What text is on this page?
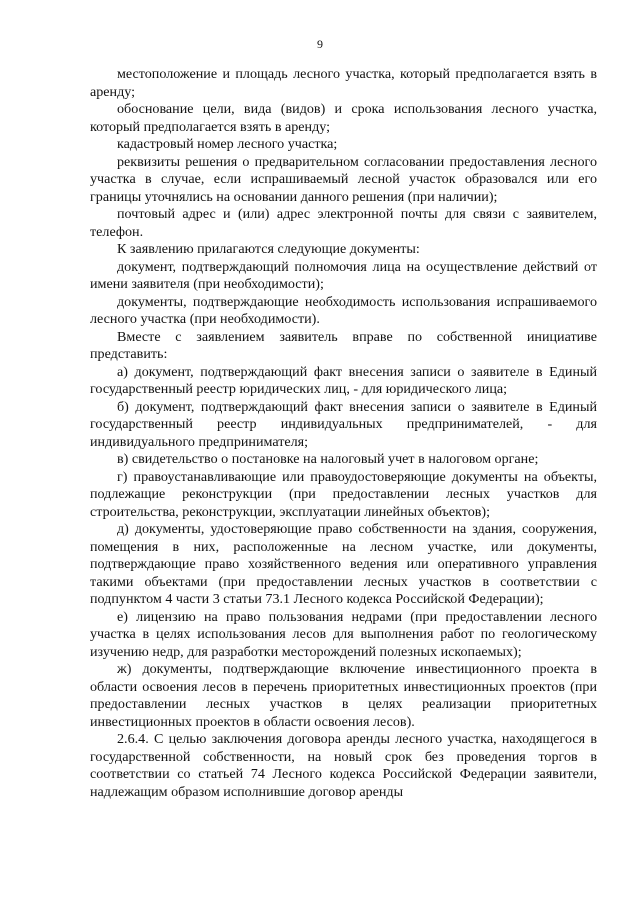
9

местоположение и площадь лесного участка, который предполагается взять в аренду;

обоснование цели, вида (видов) и срока использования лесного участка, который предполагается взять в аренду;

кадастровый номер лесного участка;

реквизиты решения о предварительном согласовании предоставления лесного участка в случае, если испрашиваемый лесной участок образовался или его границы уточнялись на основании данного решения (при наличии);

почтовый адрес и (или) адрес электронной почты для связи с заявителем, телефон.

К заявлению прилагаются следующие документы:

документ, подтверждающий полномочия лица на осуществление действий от имени заявителя (при необходимости);

документы, подтверждающие необходимость использования испрашиваемого лесного участка (при необходимости).

Вместе с заявлением заявитель вправе по собственной инициативе представить:

а) документ, подтверждающий факт внесения записи о заявителе в Единый государственный реестр юридических лиц, - для юридического лица;

б) документ, подтверждающий факт внесения записи о заявителе в Единый государственный реестр индивидуальных предпринимателей, - для индивидуального предпринимателя;

в) свидетельство о постановке на налоговый учет в налоговом органе;

г) правоустанавливающие или правоудостоверяющие документы на объекты, подлежащие реконструкции (при предоставлении лесных участков для строительства, реконструкции, эксплуатации линейных объектов);

д) документы, удостоверяющие право собственности на здания, сооружения, помещения в них, расположенные на лесном участке, или документы, подтверждающие право хозяйственного ведения или оперативного управления такими объектами (при предоставлении лесных участков в соответствии с подпунктом 4 части 3 статьи 73.1 Лесного кодекса Российской Федерации);

е) лицензию на право пользования недрами (при предоставлении лесного участка в целях использования лесов для выполнения работ по геологическому изучению недр, для разработки месторождений полезных ископаемых);

ж) документы, подтверждающие включение инвестиционного проекта в области освоения лесов в перечень приоритетных инвестиционных проектов (при предоставлении лесных участков в целях реализации приоритетных инвестиционных проектов в области освоения лесов).

2.6.4. С целью заключения договора аренды лесного участка, находящегося в государственной собственности, на новый срок без проведения торгов в соответствии со статьей 74 Лесного кодекса Российской Федерации заявители, надлежащим образом исполнившие договор аренды
